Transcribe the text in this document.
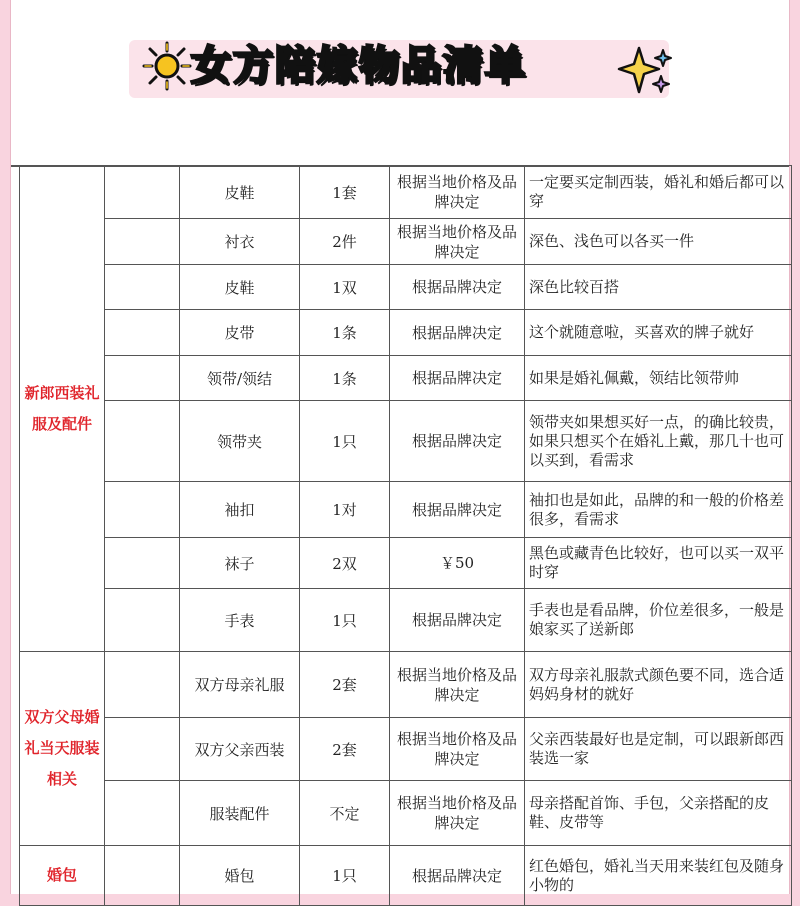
女方陪嫁物品清单
新郎西装礼服及配件		皮鞋	1套	根据当地价格及品牌决定	一定要买定制西装，婚礼和婚后都可以穿
		衬衣	2件	根据当地价格及品牌决定	深色、浅色可以各买一件
		皮鞋	1双	根据品牌决定	深色比较百搭
		皮带	1条	根据品牌决定	这个就随意啦，买喜欢的牌子就好
		领带/领结	1条	根据品牌决定	如果是婚礼佩戴，领结比领带帅
		领带夹	1只	根据品牌决定	领带夹如果想买好一点，的确比较贵，如果只想买个在婚礼上戴，那几十也可以买到，看需求
		袖扣	1对	根据品牌决定	袖扣也是如此，品牌的和一般的价格差很多，看需求
		袜子	2双	￥50	黑色或藏青色比较好，也可以买一双平时穿
		手表	1只	根据品牌决定	手表也是看品牌，价位差很多，一般是娘家买了送新郎
双方父母婚礼当天服装相关		双方母亲礼服	2套	根据当地价格及品牌决定	双方母亲礼服款式颜色要不同，选合适妈妈身材的就好
		双方父亲西装	2套	根据当地价格及品牌决定	父亲西装最好也是定制，可以跟新郎西装选一家
		服装配件	不定	根据当地价格及品牌决定	母亲搭配首饰、手包，父亲搭配的皮鞋、皮带等
婚包		婚包	1只	根据品牌决定	红色婚包，婚礼当天用来装红包及随身小物的
